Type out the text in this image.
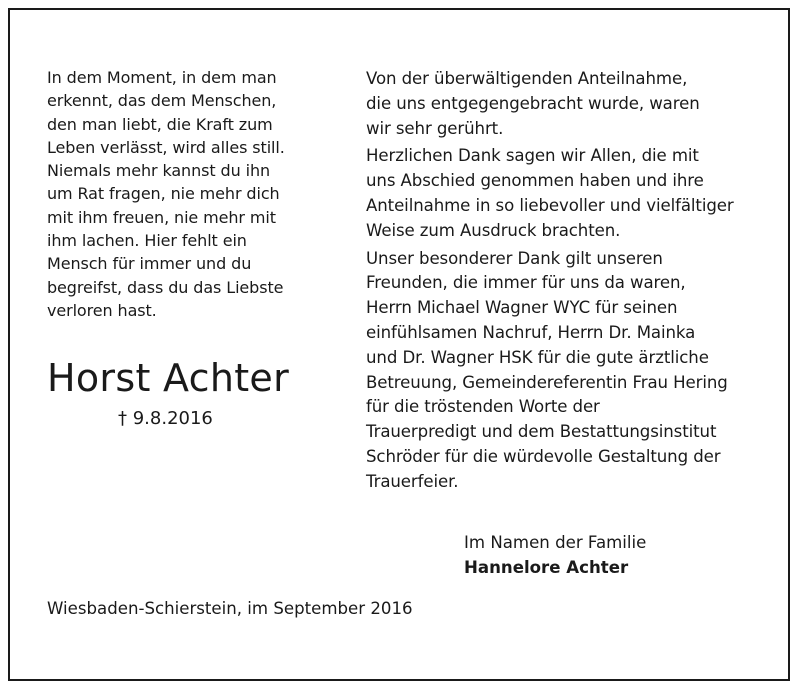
In dem Moment, in dem man
erkennt, das dem Menschen,
den man liebt, die Kraft zum
Leben verlässt, wird alles still.
Niemals mehr kannst du ihn
um Rat fragen, nie mehr dich
mit ihm freuen, nie mehr mit
ihm lachen. Hier fehlt ein
Mensch für immer und du
begreifst, dass du das Liebste
verloren hast.
Horst Achter
† 9.8.2016
Von der überwältigenden Anteilnahme,
die uns entgegengebracht wurde, waren
wir sehr gerührt.
Herzlichen Dank sagen wir Allen, die mit
uns Abschied genommen haben und ihre
Anteilnahme in so liebevoller und vielfältiger
Weise zum Ausdruck brachten.
Unser besonderer Dank gilt unseren
Freunden, die immer für uns da waren,
Herrn Michael Wagner WYC für seinen
einfühlsamen Nachruf, Herrn Dr. Mainka
und Dr. Wagner HSK für die gute ärztliche
Betreuung, Gemeindereferentin Frau Hering
für die tröstenden Worte der
Trauerpredigt und dem Bestattungsinstitut
Schröder für die würdevolle Gestaltung der
Trauerfeier.
Im Namen der Familie
Hannelore Achter
Wiesbaden-Schierstein, im September 2016
